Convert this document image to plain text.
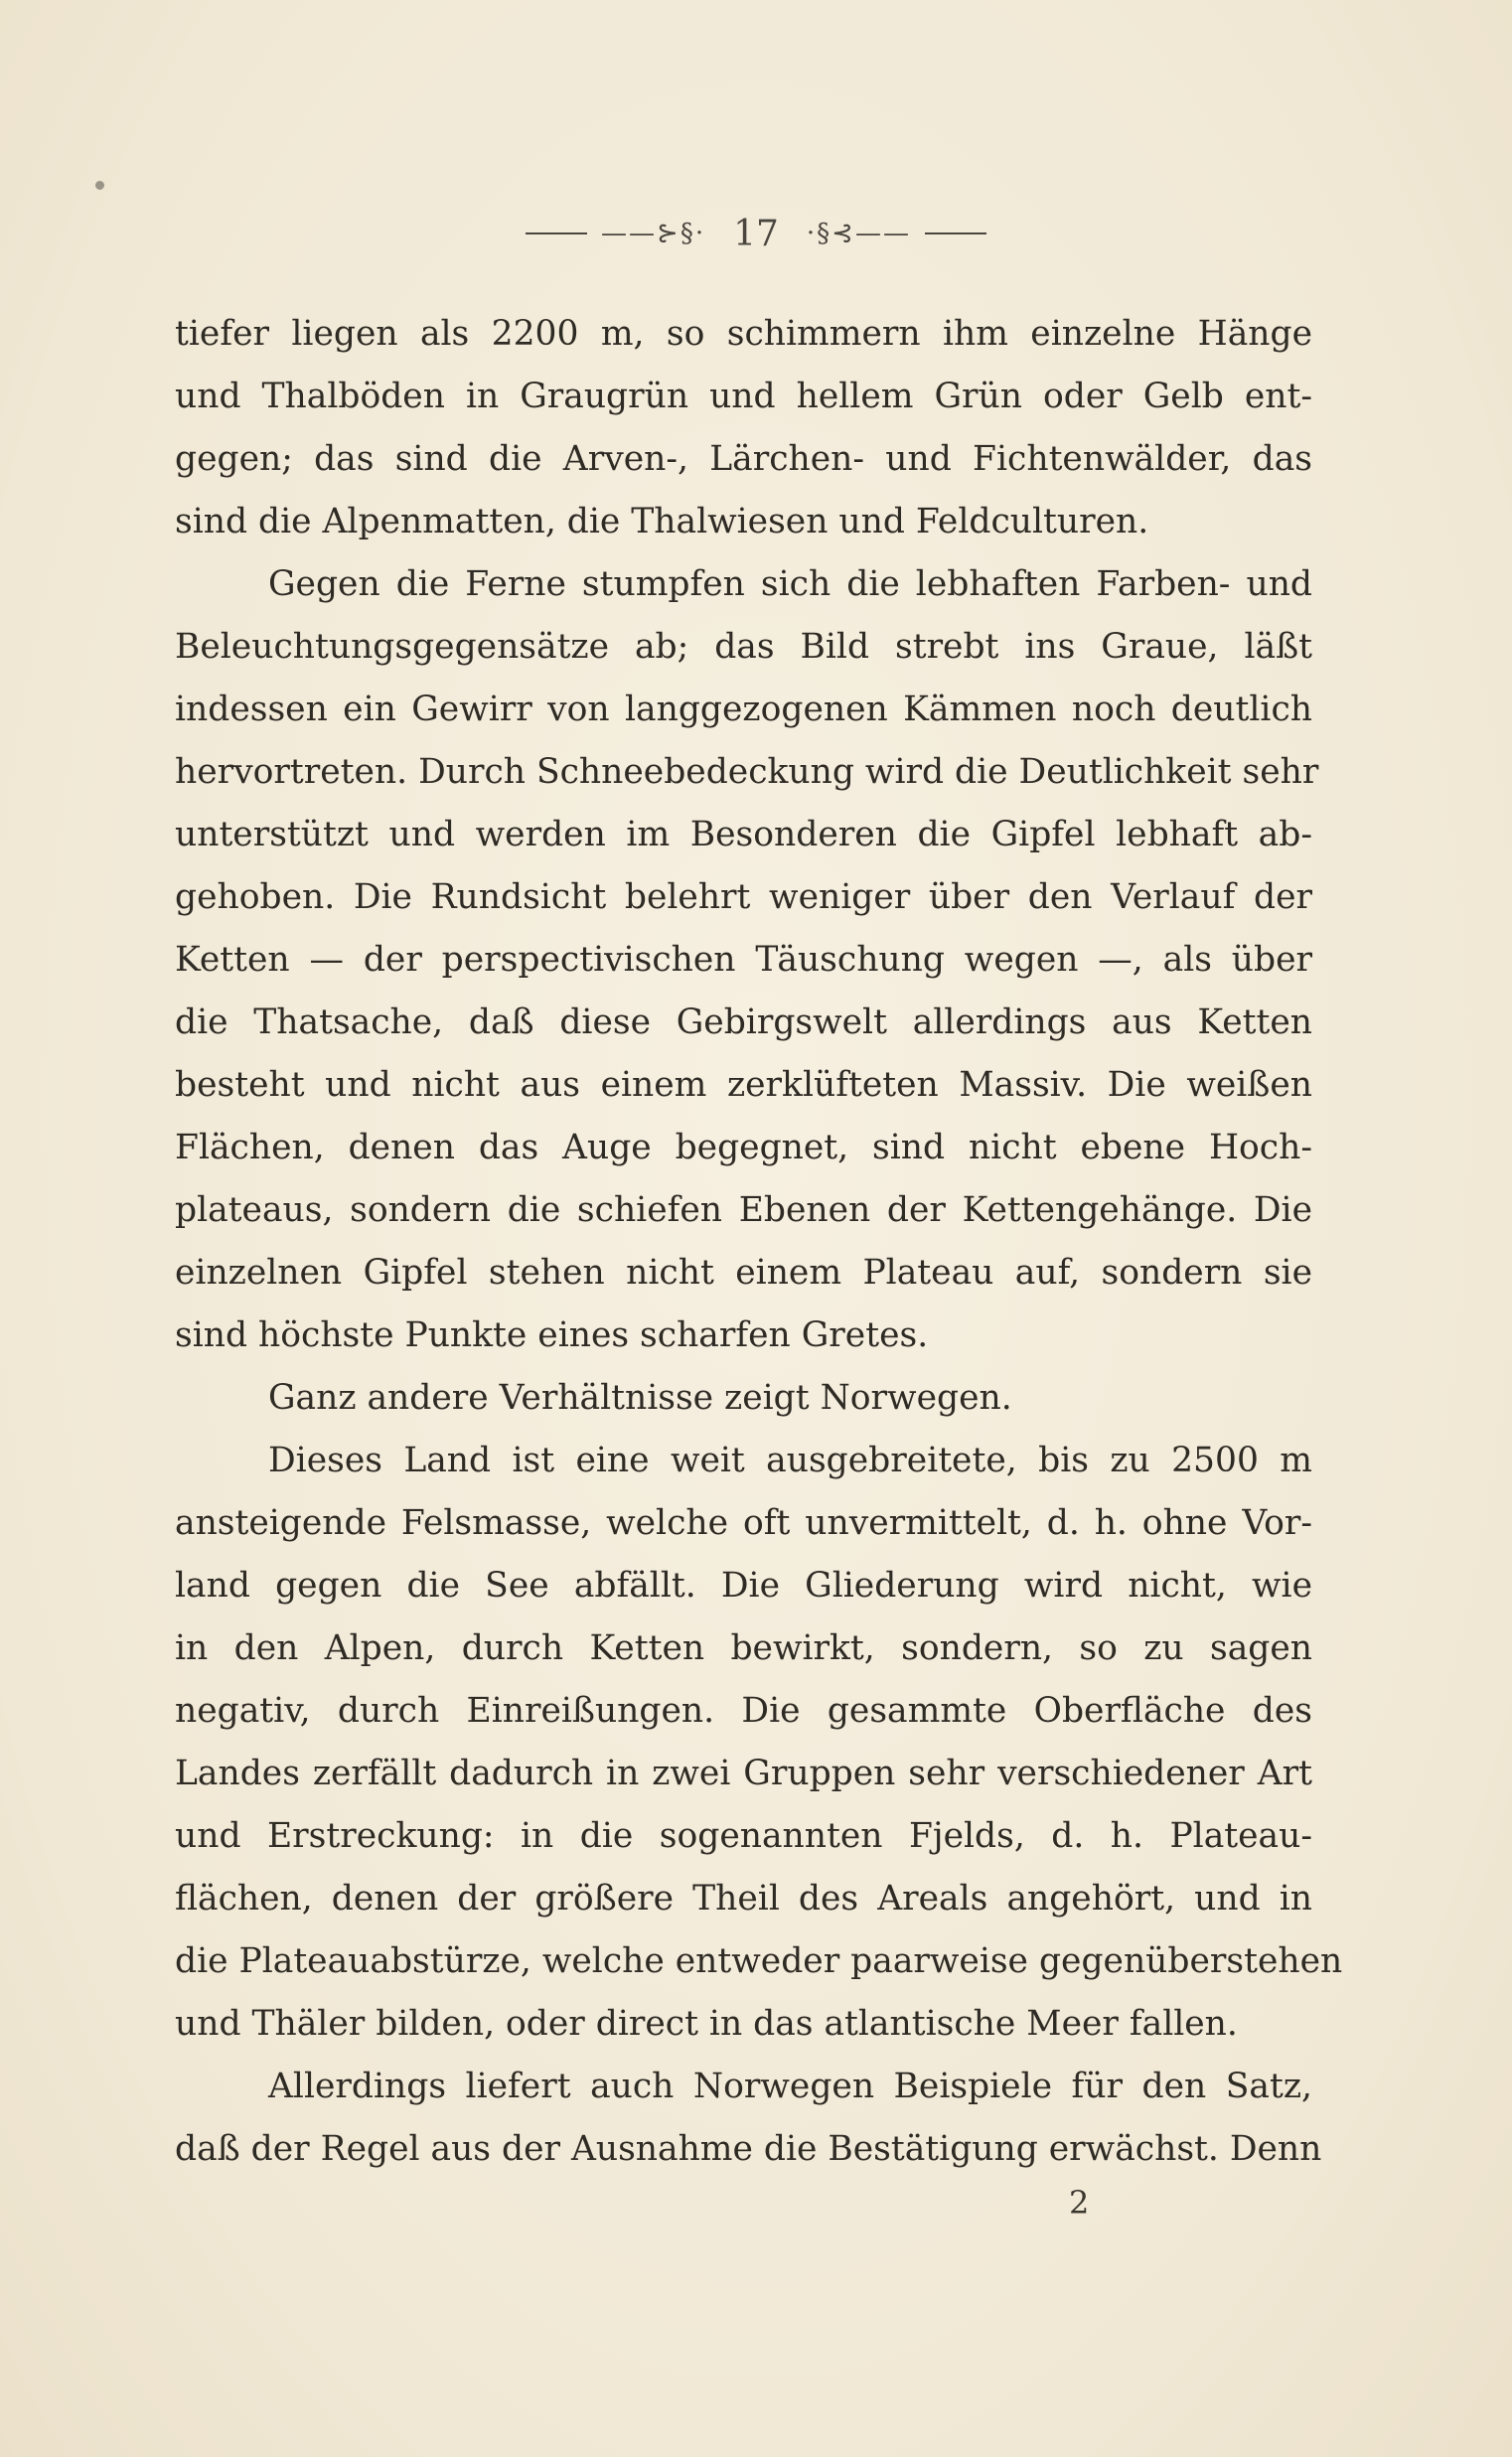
——⊱§· 17 ·§⊰——
tiefer liegen als 2200 m, so schimmern ihm einzelne Hänge
und Thalböden in Graugrün und hellem Grün oder Gelb ent-
gegen; das sind die Arven-, Lärchen- und Fichtenwälder, das
sind die Alpenmatten, die Thalwiesen und Feldculturen.
Gegen die Ferne stumpfen sich die lebhaften Farben- und
Beleuchtungsgegensätze ab; das Bild strebt ins Graue, läßt
indessen ein Gewirr von langgezogenen Kämmen noch deutlich
hervortreten. Durch Schneebedeckung wird die Deutlichkeit sehr
unterstützt und werden im Besonderen die Gipfel lebhaft ab-
gehoben. Die Rundsicht belehrt weniger über den Verlauf der
Ketten — der perspectivischen Täuschung wegen —, als über
die Thatsache, daß diese Gebirgswelt allerdings aus Ketten
besteht und nicht aus einem zerklüfteten Massiv. Die weißen
Flächen, denen das Auge begegnet, sind nicht ebene Hoch-
plateaus, sondern die schiefen Ebenen der Kettengehänge. Die
einzelnen Gipfel stehen nicht einem Plateau auf, sondern sie
sind höchste Punkte eines scharfen Gretes.
Ganz andere Verhältnisse zeigt Norwegen.
Dieses Land ist eine weit ausgebreitete, bis zu 2500 m
ansteigende Felsmasse, welche oft unvermittelt, d. h. ohne Vor-
land gegen die See abfällt. Die Gliederung wird nicht, wie
in den Alpen, durch Ketten bewirkt, sondern, so zu sagen
negativ, durch Einreißungen. Die gesammte Oberfläche des
Landes zerfällt dadurch in zwei Gruppen sehr verschiedener Art
und Erstreckung: in die sogenannten Fjelds, d. h. Plateau-
flächen, denen der größere Theil des Areals angehört, und in
die Plateauabstürze, welche entweder paarweise gegenüberstehen
und Thäler bilden, oder direct in das atlantische Meer fallen.
Allerdings liefert auch Norwegen Beispiele für den Satz,
daß der Regel aus der Ausnahme die Bestätigung erwächst. Denn
2
